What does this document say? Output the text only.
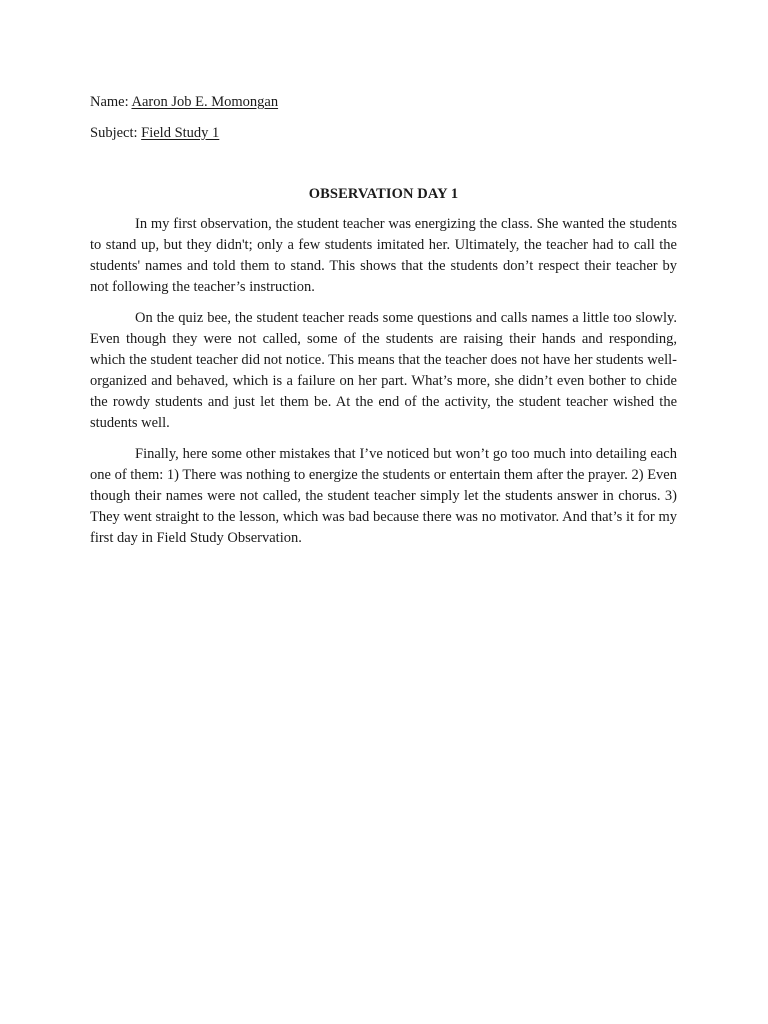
Name: Aaron Job E. Momongan

Subject: Field Study 1

OBSERVATION DAY 1

In my first observation, the student teacher was energizing the class. She wanted the students to stand up, but they didn't; only a few students imitated her. Ultimately, the teacher had to call the students' names and told them to stand. This shows that the students don’t respect their teacher by not following the teacher’s instruction.

On the quiz bee, the student teacher reads some questions and calls names a little too slowly. Even though they were not called, some of the students are raising their hands and responding, which the student teacher did not notice. This means that the teacher does not have her students well-organized and behaved, which is a failure on her part. What’s more, she didn’t even bother to chide the rowdy students and just let them be. At the end of the activity, the student teacher wished the students well.

Finally, here some other mistakes that I’ve noticed but won’t go too much into detailing each one of them: 1) There was nothing to energize the students or entertain them after the prayer. 2) Even though their names were not called, the student teacher simply let the students answer in chorus. 3) They went straight to the lesson, which was bad because there was no motivator. And that’s it for my first day in Field Study Observation.
